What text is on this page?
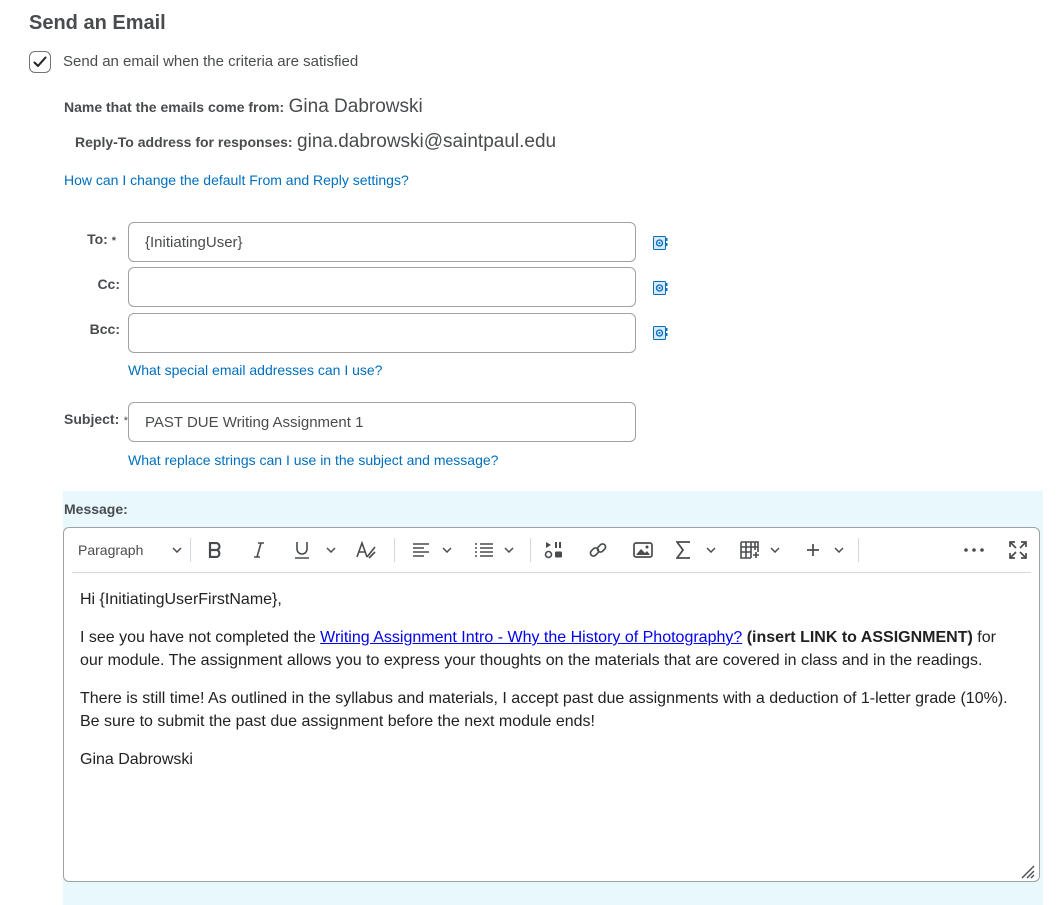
Send an Email
Send an email when the criteria are satisfied
Name that the emails come from: Gina Dabrowski
Reply-To address for responses: gina.dabrowski@saintpaul.edu
How can I change the default From and Reply settings?
To: *	{InitiatingUser}
Cc:
Bcc:
What special email addresses can I use?
Subject: *	PAST DUE Writing Assignment 1
What replace strings can I use in the subject and message?
Message:
Paragraph

Hi {InitiatingUserFirstName},

I see you have not completed the Writing Assignment Intro - Why the History of Photography? (insert LINK to ASSIGNMENT) for our module. The assignment allows you to express your thoughts on the materials that are covered in class and in the readings.

There is still time! As outlined in the syllabus and materials, I accept past due assignments with a deduction of 1-letter grade (10%). Be sure to submit the past due assignment before the next module ends!

Gina Dabrowski
